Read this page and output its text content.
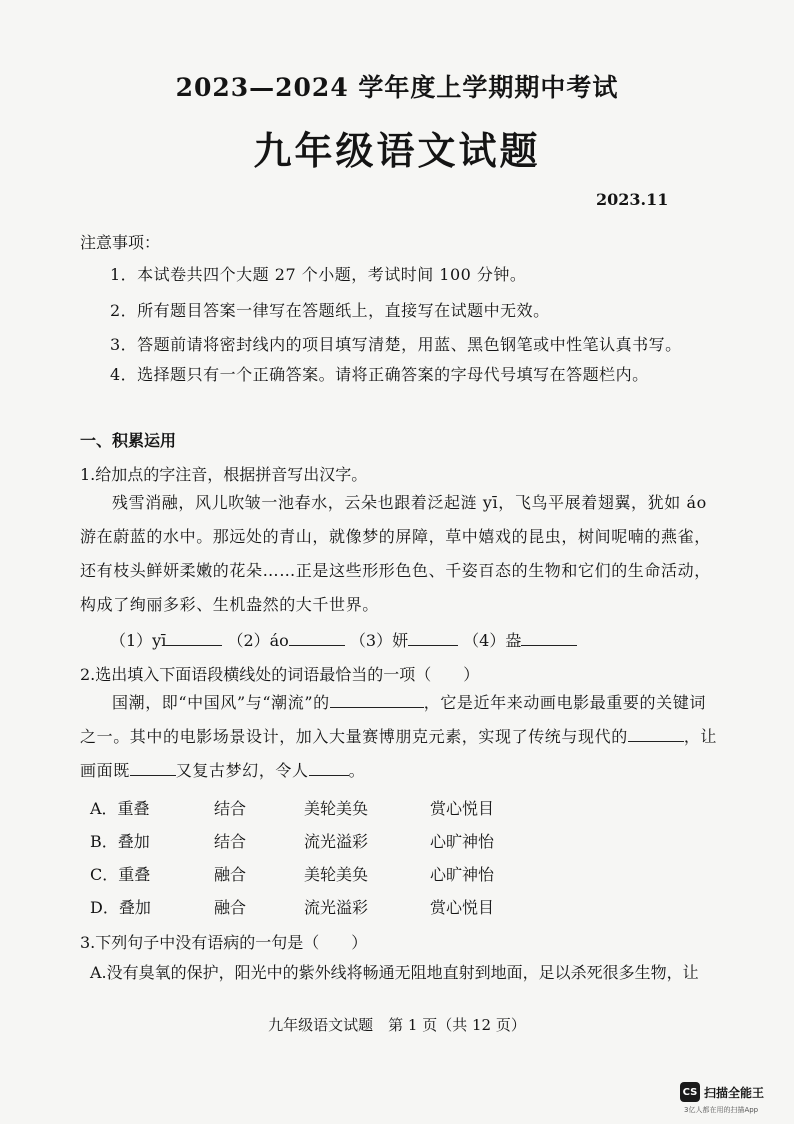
2023—2024 学年度上学期期中考试
九年级语文试题
2023.11
注意事项：
1．本试卷共四个大题 27 个小题，考试时间 100 分钟。
2．所有题目答案一律写在答题纸上，直接写在试题中无效。
3．答题前请将密封线内的项目填写清楚，用蓝、黑色钢笔或中性笔认真书写。
4．选择题只有一个正确答案。请将正确答案的字母代号填写在答题栏内。
一、积累运用
1.给加点的字注音，根据拼音写出汉字。
残雪消融，风儿吹皱一池春水，云朵也跟着泛起涟 yī，飞鸟平展着翅翼，犹如 áo 游在蔚蓝的水中。那远处的青山，就像梦的屏障，草中嬉戏的昆虫，树间呢喃的燕雀，还有枝头鲜妍柔嫩的花朵……正是这些形形色色、千姿百态的生物和它们的生命活动，构成了绚丽多彩、生机盎然的大千世界。
（1）yī	（2）áo	（3）妍	（4）盎
2.选出填入下面语段横线处的词语最恰当的一项（　　）
国潮，即“中国风”与“潮流”的	，它是近年来动画电影最重要的关键词之一。其中的电影场景设计，加入大量赛博朋克元素，实现了传统与现代的	，让画面既	又复古梦幻，令人	。
A．重叠	结合	美轮美奂	赏心悦目
B．叠加	结合	流光溢彩	心旷神怡
C．重叠	融合	美轮美奂	心旷神怡
D．叠加	融合	流光溢彩	赏心悦目
3.下列句子中没有语病的一句是（　　）
A.没有臭氧的保护，阳光中的紫外线将畅通无阻地直射到地面，足以杀死很多生物，让
九年级语文试题　第 1 页（共 12 页）
CS 扫描全能王
3亿人都在用的扫描App
